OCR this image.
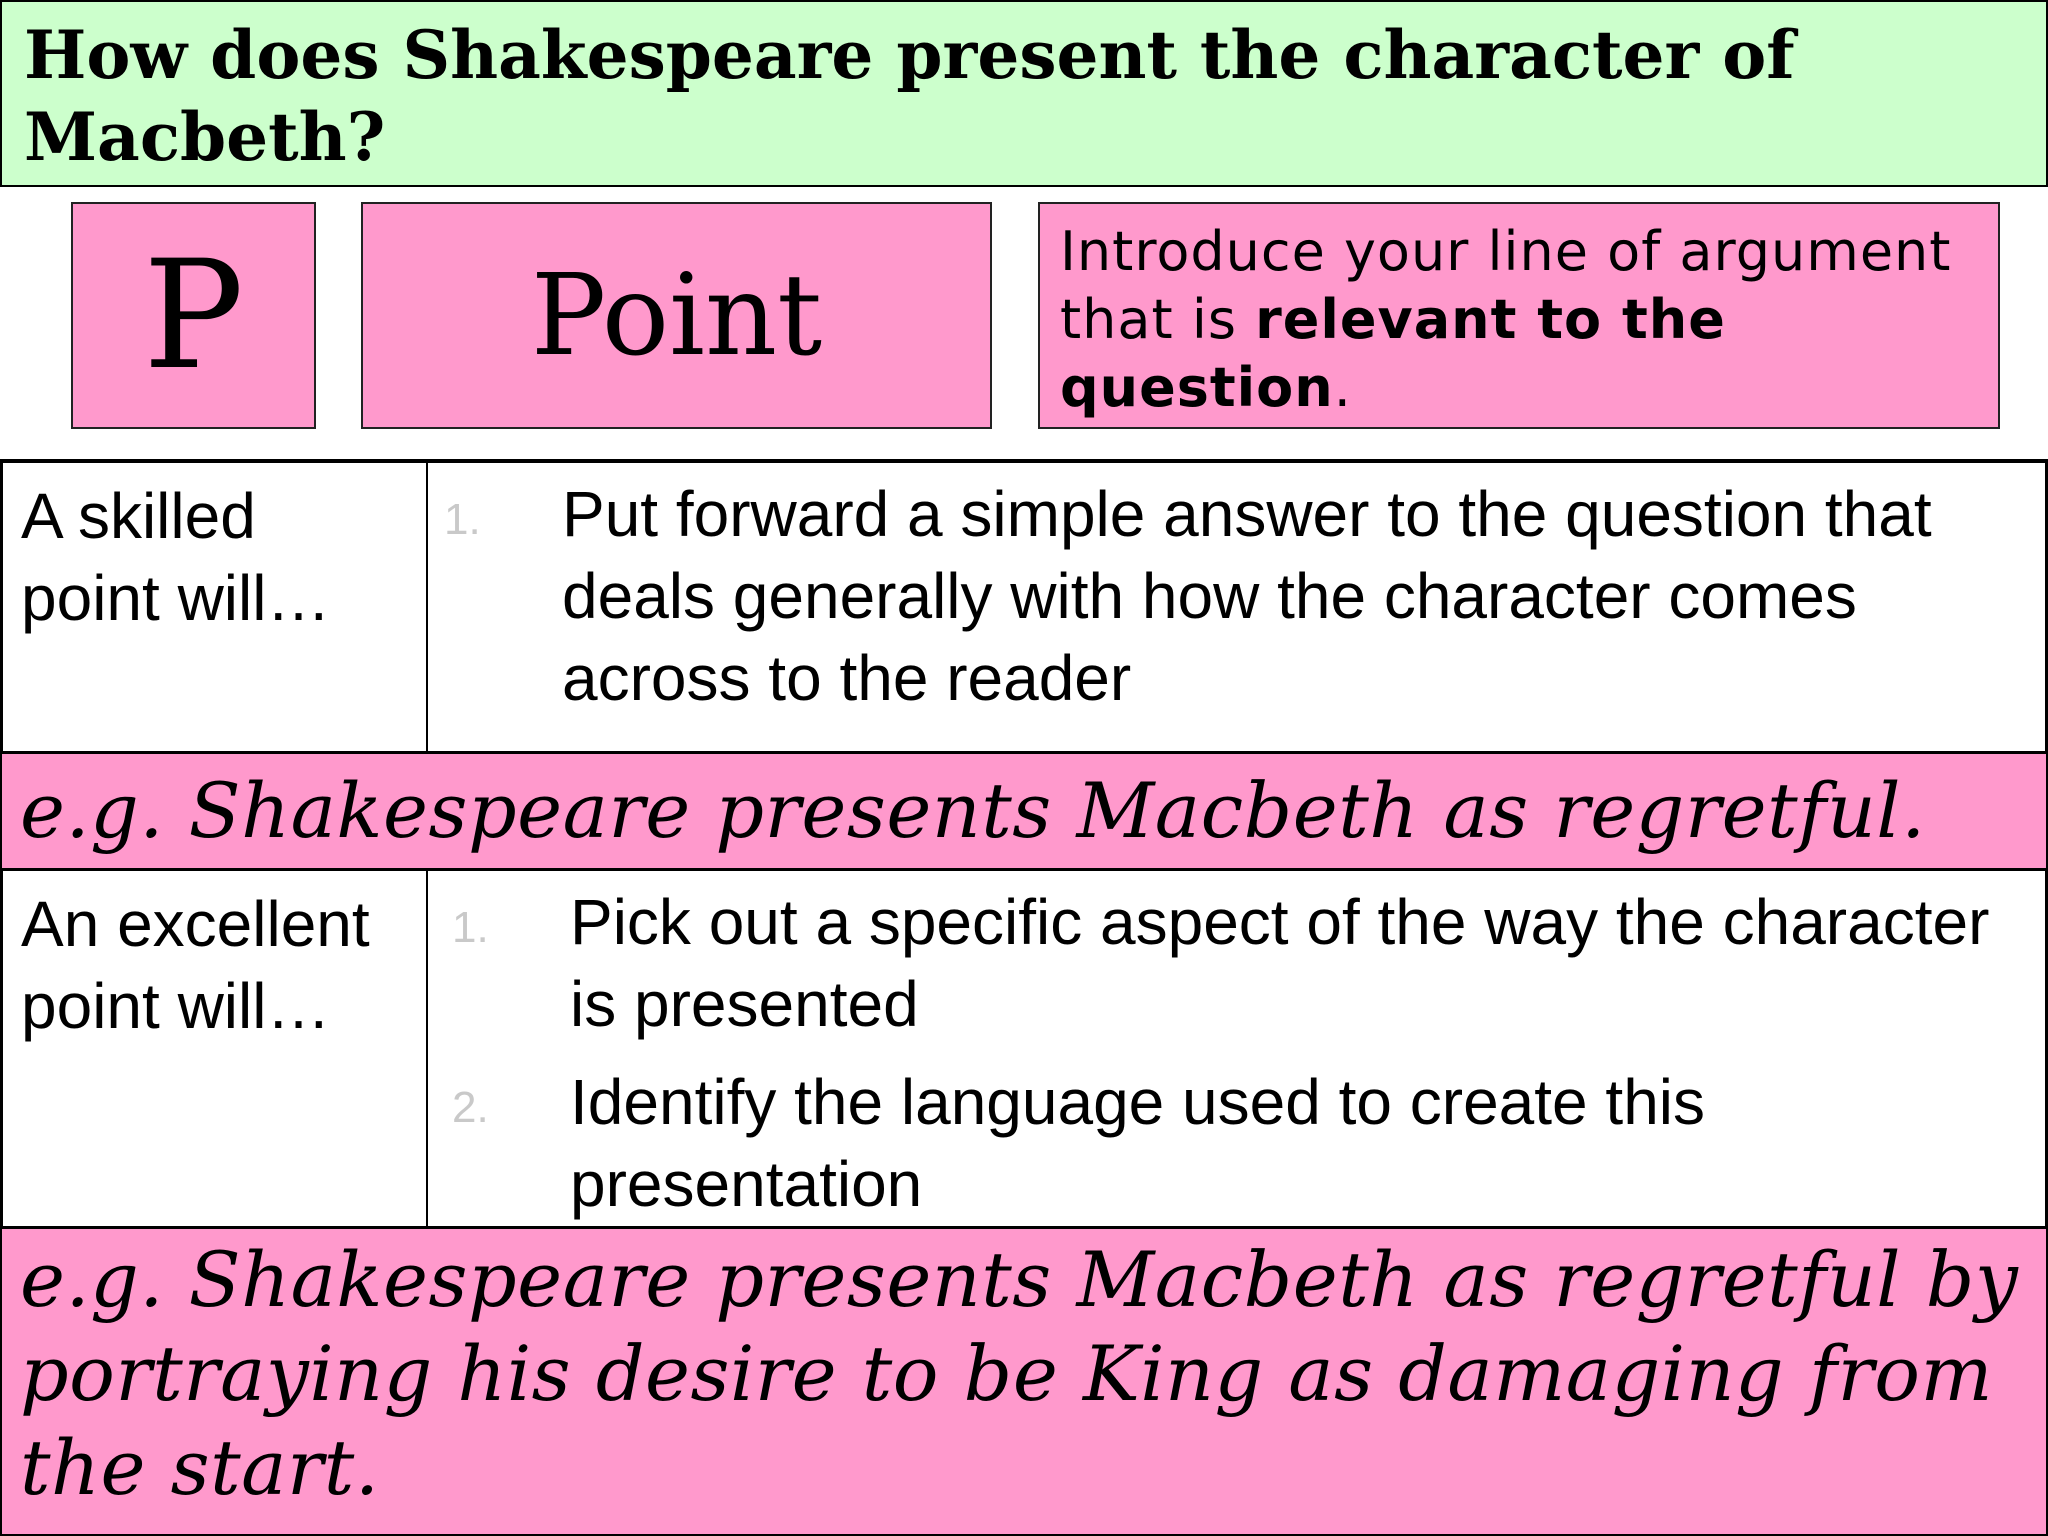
How does Shakespeare present the character of Macbeth?
P	Point	Introduce your line of argument that is relevant to the question.
A skilled point will…
1. Put forward a simple answer to the question that deals generally with how the character comes across to the reader
e.g. Shakespeare presents Macbeth as regretful.
An excellent point will…
1. Pick out a specific aspect of the way the character is presented
2. Identify the language used to create this presentation
e.g. Shakespeare presents Macbeth as regretful by portraying his desire to be King as damaging from the start.
